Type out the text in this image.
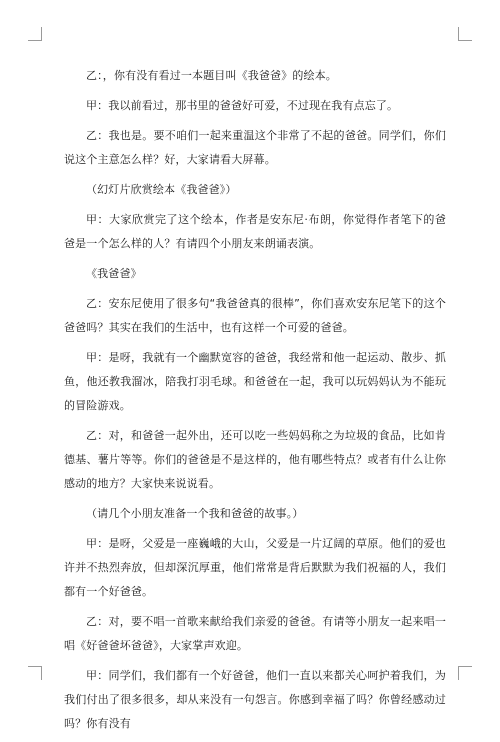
乙：，你有没有看过一本题目叫《我爸爸》的绘本。

甲：我以前看过，那书里的爸爸好可爱，不过现在我有点忘了。

乙：我也是。要不咱们一起来重温这个非常了不起的爸爸。同学们，你们说这个主意怎么样？好，大家请看大屏幕。

（幻灯片欣赏绘本《我爸爸》）

甲：大家欣赏完了这个绘本，作者是安东尼·布朗，你觉得作者笔下的爸爸是一个怎么样的人？有请四个小朋友来朗诵表演。

《我爸爸》

乙：安东尼使用了很多句“我爸爸真的很棒”，你们喜欢安东尼笔下的这个爸爸吗？其实在我们的生活中，也有这样一个可爱的爸爸。

甲：是呀，我就有一个幽默宽容的爸爸，我经常和他一起运动、散步、抓鱼，他还教我溜冰，陪我打羽毛球。和爸爸在一起，我可以玩妈妈认为不能玩的冒险游戏。

乙：对，和爸爸一起外出，还可以吃一些妈妈称之为垃圾的食品，比如肯德基、薯片等等。你们的爸爸是不是这样的，他有哪些特点？或者有什么让你感动的地方？大家快来说说看。

（请几个小朋友准备一个我和爸爸的故事。）

甲：是呀，父爱是一座巍峨的大山，父爱是一片辽阔的草原。他们的爱也许并不热烈奔放，但却深沉厚重，他们常常是背后默默为我们祝福的人，我们都有一个好爸爸。

乙：对，要不唱一首歌来献给我们亲爱的爸爸。有请等小朋友一起来唱一唱《好爸爸坏爸爸》，大家掌声欢迎。

甲：同学们，我们都有一个好爸爸，他们一直以来都关心呵护着我们，为我们付出了很多很多，却从来没有一句怨言。你感到幸福了吗？你曾经感动过吗？你有没有
